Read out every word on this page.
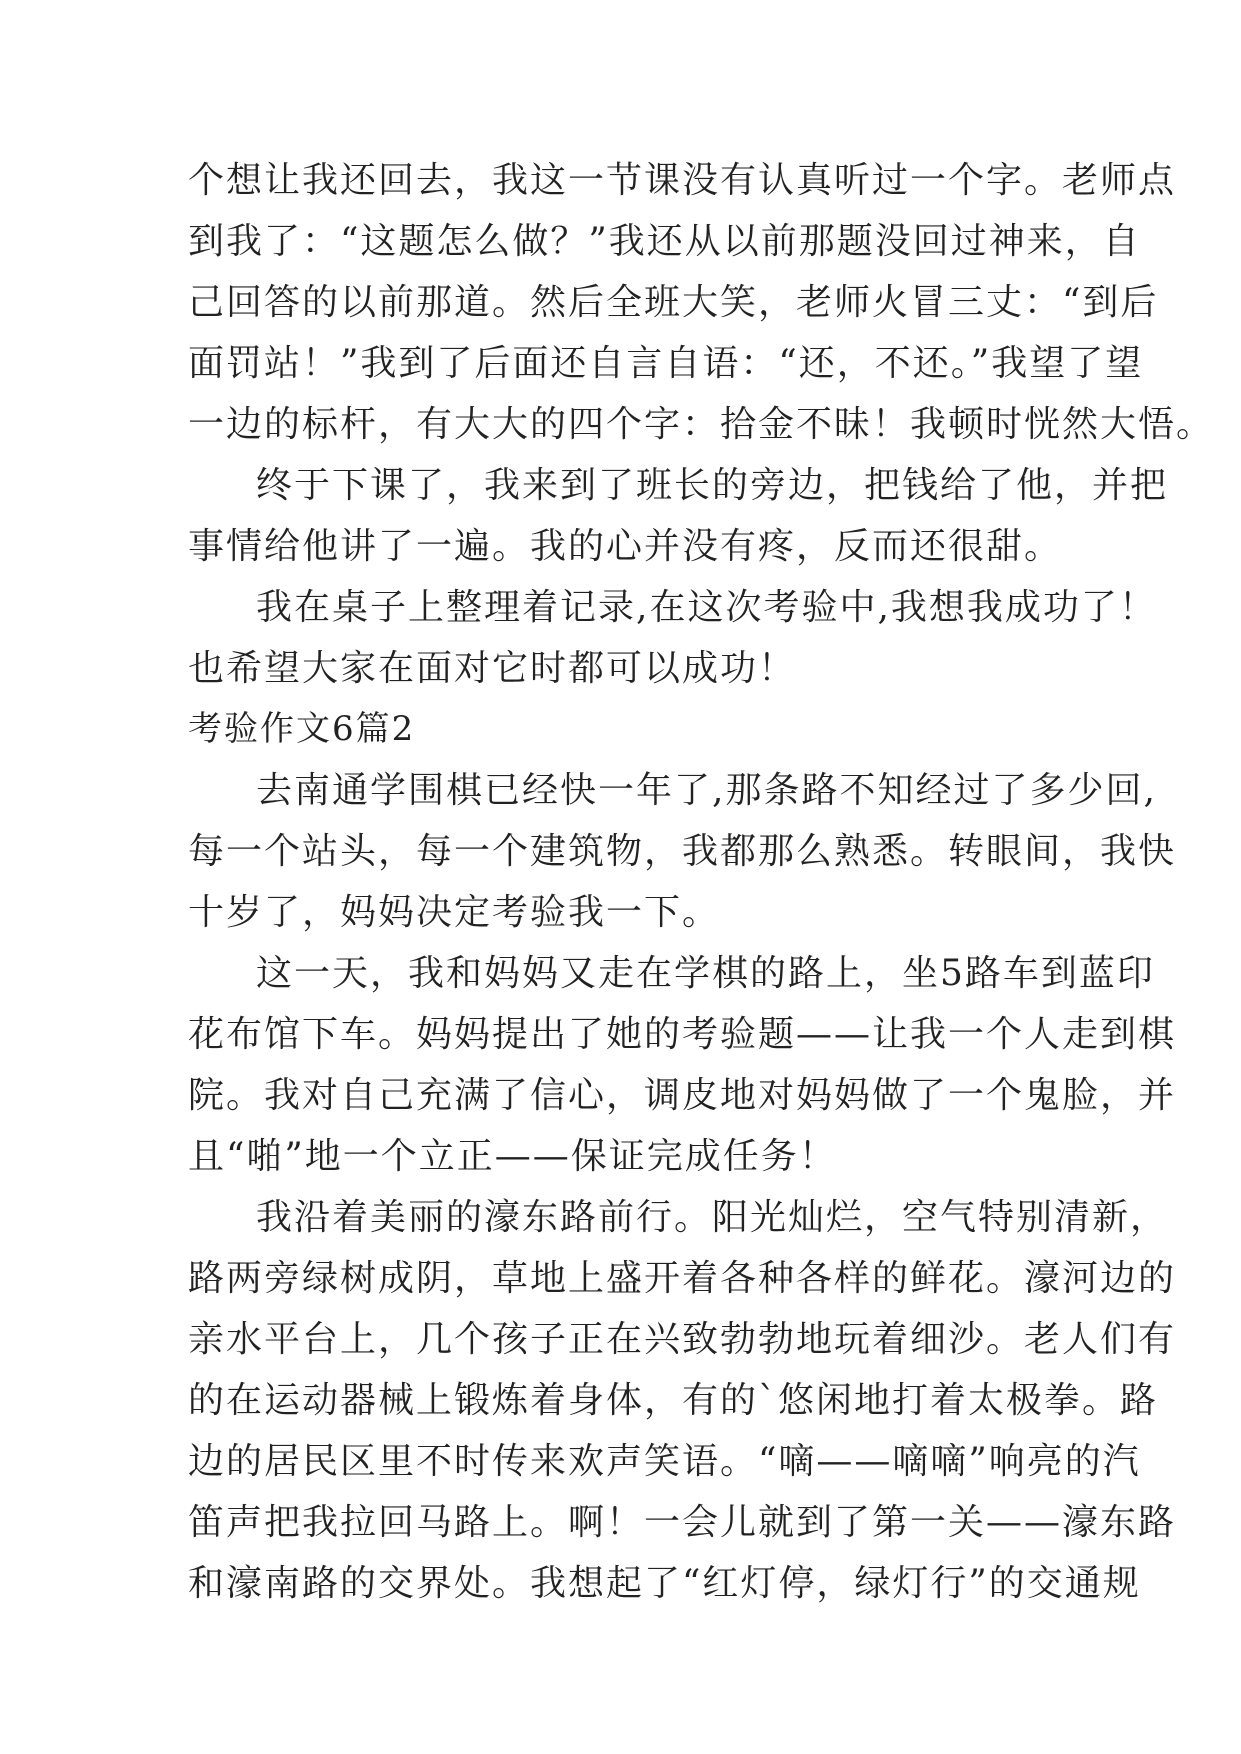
个想让我还回去，我这一节课没有认真听过一个字。老师点
到我了：“这题怎么做？”我还从以前那题没回过神来，自
己回答的以前那道。然后全班大笑，老师火冒三丈：“到后
面罚站！”我到了后面还自言自语：“还，不还。”我望了望
一边的标杆，有大大的四个字：拾金不昧！我顿时恍然大悟。
终于下课了，我来到了班长的旁边，把钱给了他，并把
事情给他讲了一遍。我的心并没有疼，反而还很甜。
我在桌子上整理着记录,在这次考验中,我想我成功了！
也希望大家在面对它时都可以成功！
考验作文6篇2
去南通学围棋已经快一年了,那条路不知经过了多少回,
每一个站头，每一个建筑物，我都那么熟悉。转眼间，我快
十岁了，妈妈决定考验我一下。
这一天，我和妈妈又走在学棋的路上，坐5路车到蓝印
花布馆下车。妈妈提出了她的考验题——让我一个人走到棋
院。我对自己充满了信心，调皮地对妈妈做了一个鬼脸，并
且“啪”地一个立正——保证完成任务！
我沿着美丽的濠东路前行。阳光灿烂，空气特别清新，
路两旁绿树成阴，草地上盛开着各种各样的鲜花。濠河边的
亲水平台上，几个孩子正在兴致勃勃地玩着细沙。老人们有
的在运动器械上锻炼着身体，有的`悠闲地打着太极拳。路
边的居民区里不时传来欢声笑语。“嘀——嘀嘀”响亮的汽
笛声把我拉回马路上。啊！一会儿就到了第一关——濠东路
和濠南路的交界处。我想起了“红灯停，绿灯行”的交通规
